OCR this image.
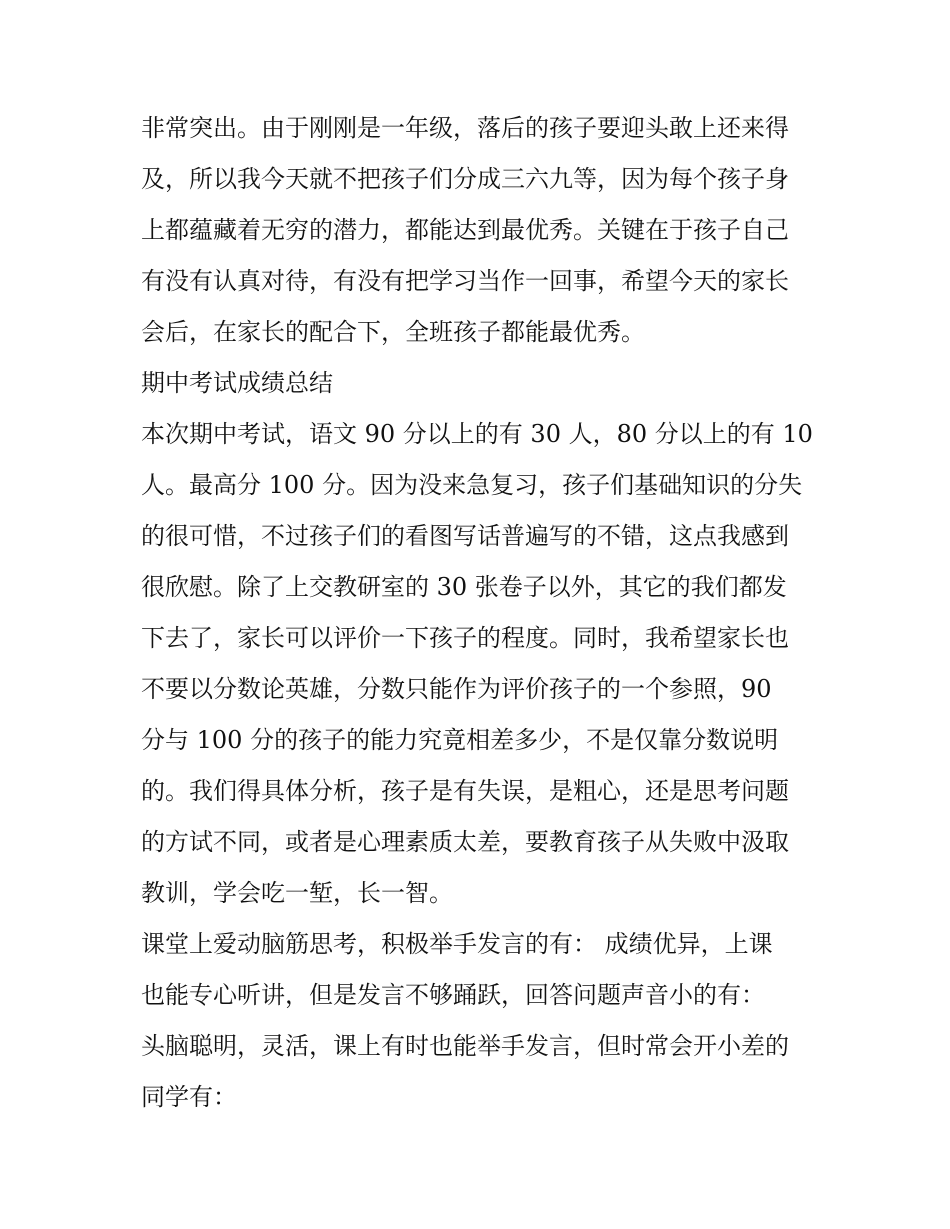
非常突出。由于刚刚是一年级，落后的孩子要迎头敢上还来得
及，所以我今天就不把孩子们分成三六九等，因为每个孩子身
上都蕴藏着无穷的潜力，都能达到最优秀。关键在于孩子自己
有没有认真对待，有没有把学习当作一回事，希望今天的家长
会后，在家长的配合下，全班孩子都能最优秀。
期中考试成绩总结
本次期中考试，语文 90 分以上的有 30 人，80 分以上的有 10
人。最高分 100 分。因为没来急复习，孩子们基础知识的分失
的很可惜，不过孩子们的看图写话普遍写的不错，这点我感到
很欣慰。除了上交教研室的 30 张卷子以外，其它的我们都发
下去了，家长可以评价一下孩子的程度。同时，我希望家长也
不要以分数论英雄，分数只能作为评价孩子的一个参照，90
分与 100 分的孩子的能力究竟相差多少，不是仅靠分数说明
的。我们得具体分析，孩子是有失误，是粗心，还是思考问题
的方试不同，或者是心理素质太差，要教育孩子从失败中汲取
教训，学会吃一堑，长一智。
课堂上爱动脑筋思考，积极举手发言的有： 成绩优异，上课
也能专心听讲，但是发言不够踊跃，回答问题声音小的有：
头脑聪明，灵活，课上有时也能举手发言，但时常会开小差的
同学有：
